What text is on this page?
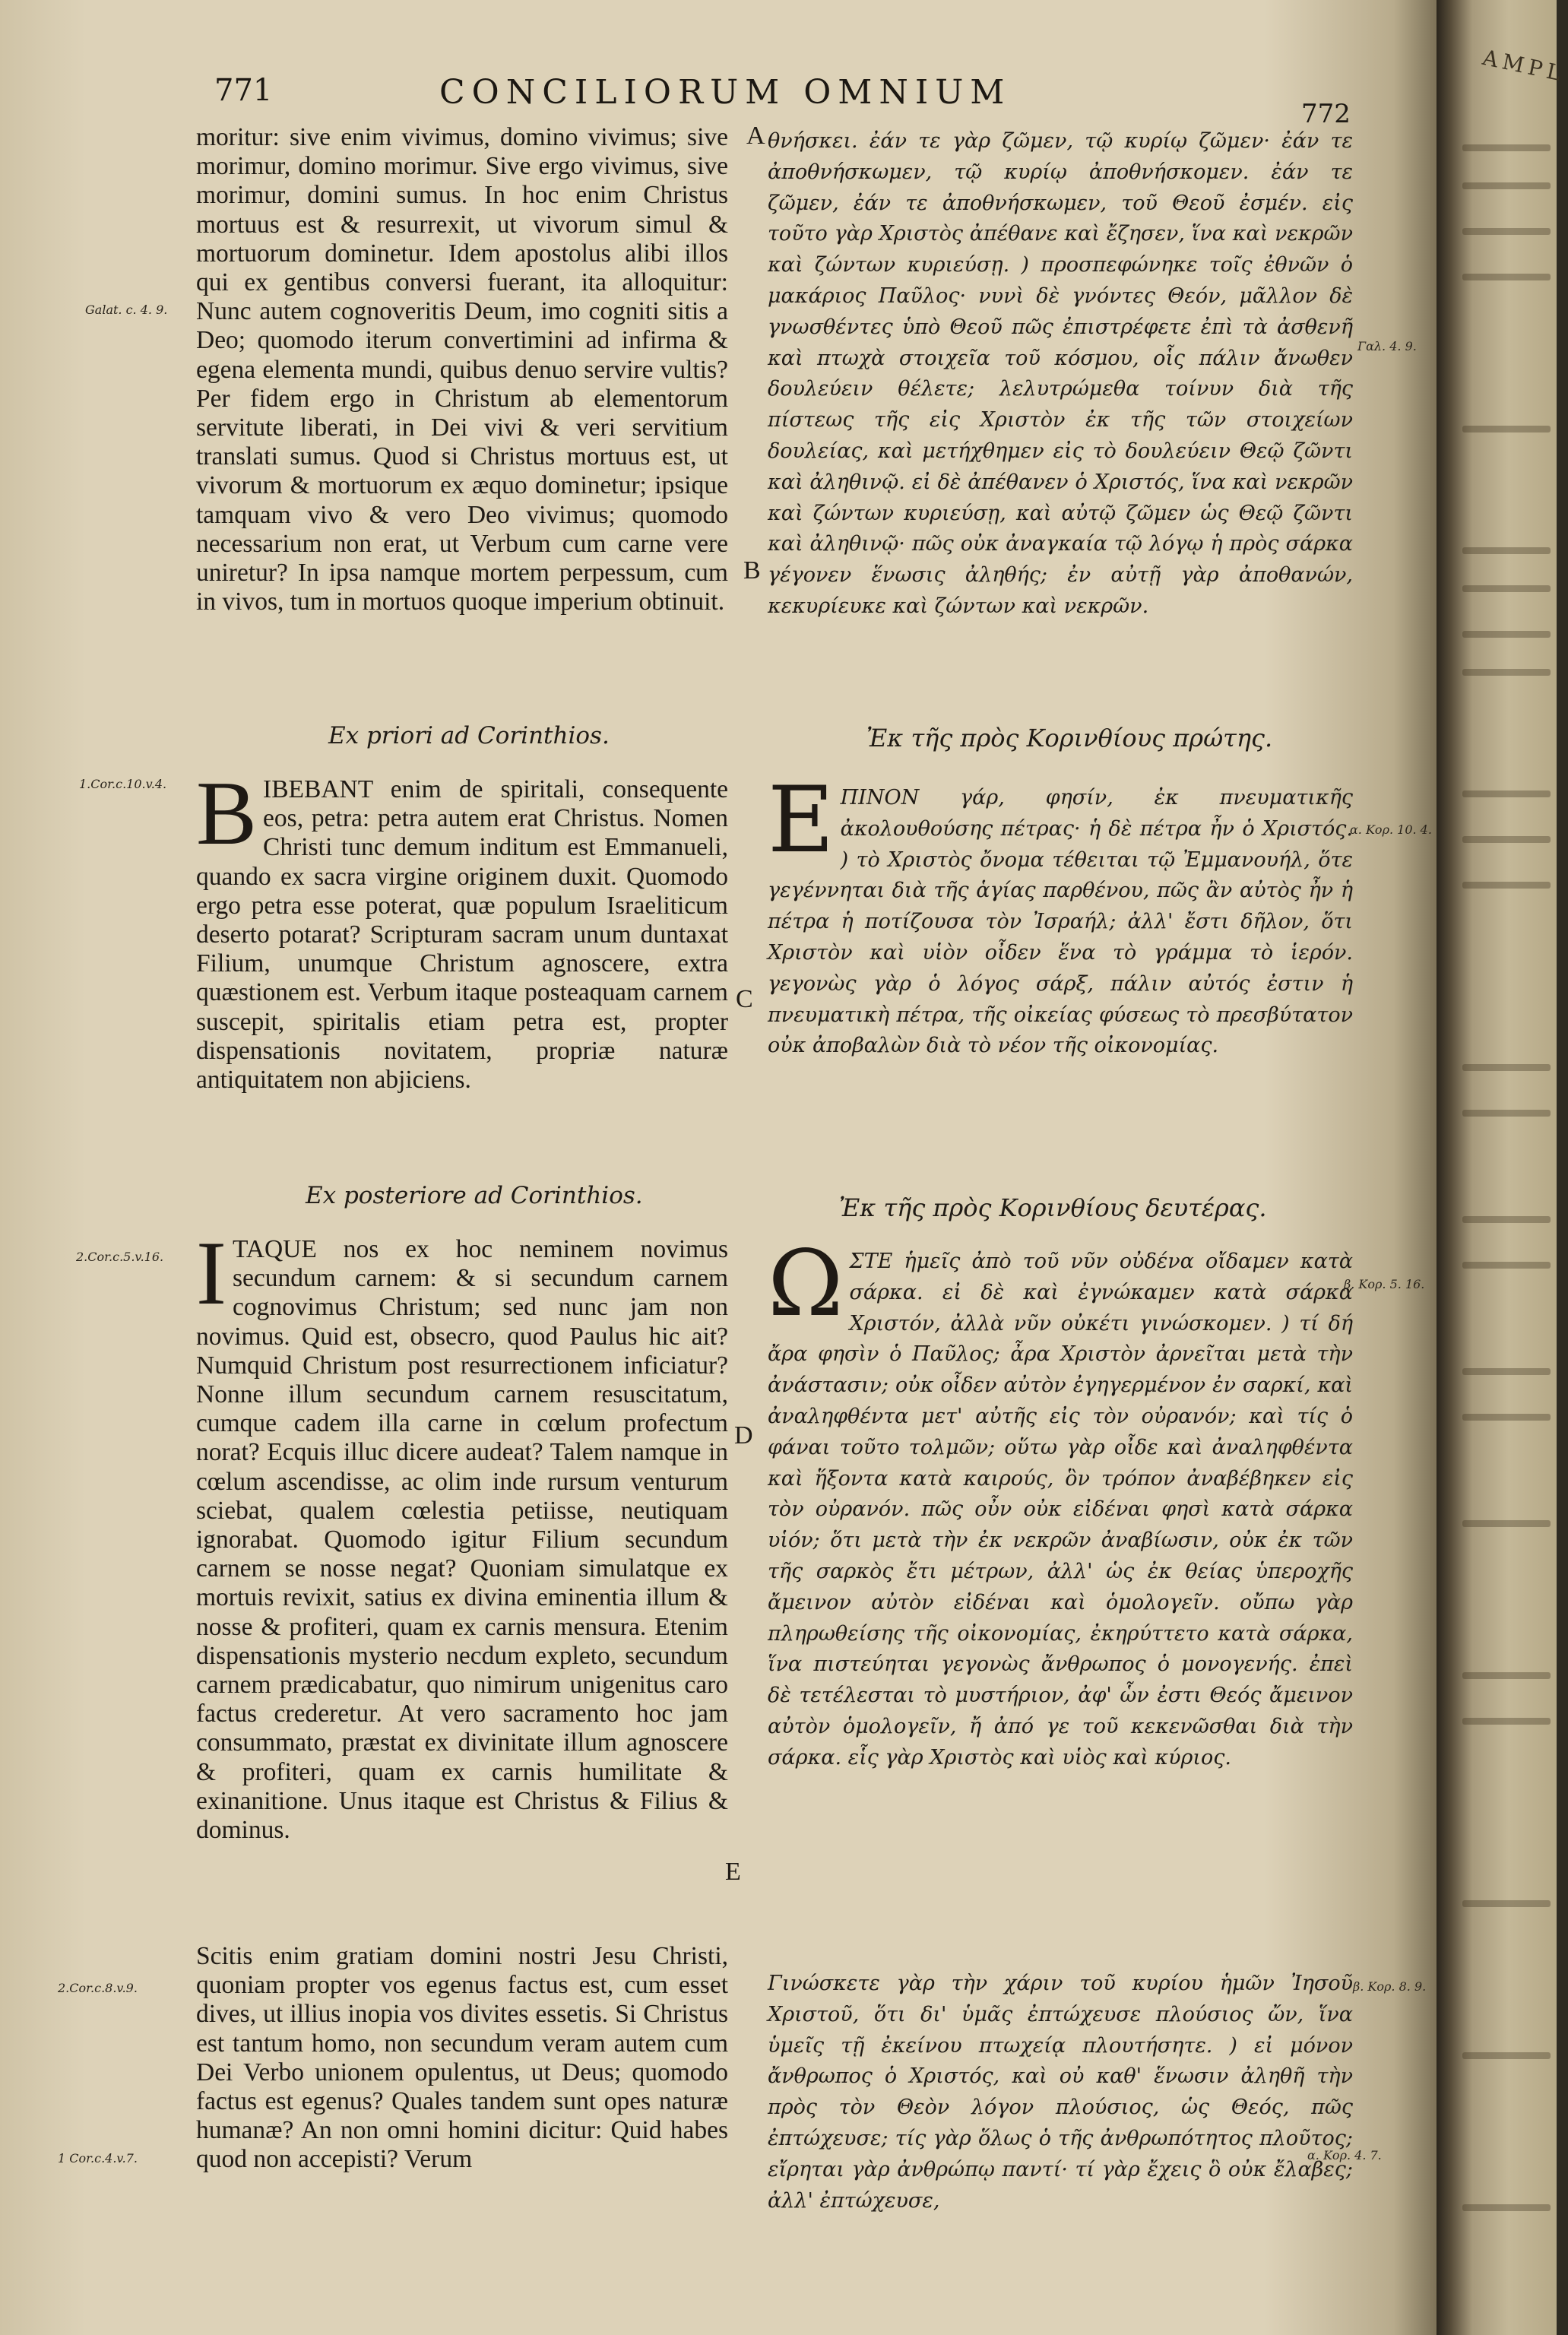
771	CONCILIORUM OMNIUM
772

moritur: sive enim vivimus, domino vivimus; sive morimur, domino morimur. Sive ergo vivimus, sive morimur, domini sumus. In hoc enim Christus mortuus est & resurrexit, ut vivorum simul & mortuorum dominetur. Idem apostolus alibi illos qui ex gentibus conversi fuerant, ita alloquitur: Nunc autem cognoveritis Deum, imo cogniti sitis a Deo; quomodo iterum convertimini ad infirma & egena elementa mundi, quibus denuo servire vultis? Per fidem ergo in Christum ab elementorum servitute liberati, in Dei vivi & veri servitium translati sumus. Quod si Christus mortuus est, ut vivorum & mortuorum ex æquo dominetur; ipsique tamquam vivo & vero Deo vivimus; quomodo necessarium non erat, ut Verbum cum carne vere uniretur? In ipsa namque mortem perpessum, cum in vivos, tum in mortuos quoque imperium obtinuit.

θνήσκει. ἐάν τε γὰρ ζῶμεν, τῷ κυρίῳ ζῶμεν· ἐάν τε ἀποθνήσκωμεν, τῷ κυρίῳ ἀποθνήσκομεν. ἐάν τε ζῶμεν, ἐάν τε ἀποθνήσκωμεν, τοῦ Θεοῦ ἐσμέν. εἰς τοῦτο γὰρ Χριστὸς ἀπέθανε καὶ ἔζησεν, ἵνα καὶ νεκρῶν καὶ ζώντων κυριεύσῃ. ) προσπεφώνηκε τοῖς ἐθνῶν ὁ μακάριος Παῦλος· νυνὶ δὲ γνόντες Θεόν, μᾶλλον δὲ γνωσθέντες ὑπὸ Θεοῦ πῶς ἐπιστρέφετε ἐπὶ τὰ ἀσθενῆ καὶ πτωχὰ στοιχεῖα τοῦ κόσμου, οἷς πάλιν ἄνωθεν δουλεύειν θέλετε; λελυτρώμεθα τοίνυν διὰ τῆς πίστεως τῆς εἰς Χριστὸν ἐκ τῆς τῶν στοιχείων δουλείας, καὶ μετήχθημεν εἰς τὸ δουλεύειν Θεῷ ζῶντι καὶ ἀληθινῷ. εἰ δὲ ἀπέθανεν ὁ Χριστός, ἵνα καὶ νεκρῶν καὶ ζώντων κυριεύσῃ, καὶ αὐτῷ ζῶμεν ὡς Θεῷ ζῶντι καὶ ἀληθινῷ· πῶς οὐκ ἀναγκαία τῷ λόγῳ ἡ πρὸς σάρκα γέγονεν ἕνωσις ἀληθής; ἐν αὐτῇ γὰρ ἀποθανών, κεκυρίευκε καὶ ζώντων καὶ νεκρῶν.

Ex priori ad Corinthios.	Ἐκ τῆς πρὸς Κορινθίους πρώτης.
B IBEBANT enim de spiritali, consequente eos, petra: petra autem erat Christus. Nomen Christi tunc demum inditum est Emmanueli, quando ex sacra virgine originem duxit. Quomodo ergo petra esse poterat, quæ populum Israeliticum deserto potarat? Scripturam sacram unum duntaxat Filium, unumque Christum agnoscere, extra quæstionem est. Verbum itaque posteaquam carnem suscepit, spiritalis etiam petra est, propter dispensationis novitatem, propriæ naturæ antiquitatem non abjiciens.

Ε ΠΙΝΟΝ γάρ, φησίν, ἐκ πνευματικῆς ἀκολουθούσης πέτρας· ἡ δὲ πέτρα ἦν ὁ Χριστός. ) τὸ Χριστὸς ὄνομα τέθειται τῷ Ἐμμανουήλ, ὅτε γεγέννηται διὰ τῆς ἁγίας παρθένου, πῶς ἂν αὐτὸς ἦν ἡ πέτρα ἡ ποτίζουσα τὸν Ἰσραήλ; ἀλλ' ἔστι δῆλον, ὅτι Χριστὸν καὶ υἱὸν οἶδεν ἕνα τὸ γράμμα τὸ ἱερόν. γεγονὼς γὰρ ὁ λόγος σάρξ, πάλιν αὐτός ἐστιν ἡ πνευματικὴ πέτρα, τῆς οἰκείας φύσεως τὸ πρεσβύτατον οὐκ ἀποβαλὼν διὰ τὸ νέον τῆς οἰκονομίας.

Ex posteriore ad Corinthios.	Ἐκ τῆς πρὸς Κορινθίους δευτέρας.
I TAQUE nos ex hoc neminem novimus secundum carnem: & si secundum carnem cognovimus Christum; sed nunc jam non novimus. Quid est, obsecro, quod Paulus hic ait? Numquid Christum post resurrectionem inficiatur? Nonne illum secundum carnem resuscitatum, cumque cadem illa carne in cœlum profectum norat? Ecquis illuc dicere audeat? Talem namque in cœlum ascendisse, ac olim inde rursum venturum sciebat, qualem cœlestia petiisse, neutiquam ignorabat. Quomodo igitur Filium secundum carnem se nosse negat? Quoniam simulatque ex mortuis revixit, satius ex divina eminentia illum & nosse & profiteri, quam ex carnis mensura. Etenim dispensationis mysterio necdum expleto, secundum carnem prædicabatur, quo nimirum unigenitus caro factus crederetur. At vero sacramento hoc jam consummato, præstat ex divinitate illum agnoscere & profiteri, quam ex carnis humilitate & exinanitione. Unus itaque est Christus & Filius & dominus.

Scitis enim gratiam domini nostri Jesu Christi, quoniam propter vos egenus factus est, cum esset dives, ut illius inopia vos divites essetis. Si Christus est tantum homo, non secundum veram autem cum Dei Verbo unionem opulentus, ut Deus; quomodo factus est egenus? Quales tandem sunt opes naturæ humanæ? An non omni homini dicitur: Quid habes quod non accepisti? Verum

Ω ΣΤΕ ἡμεῖς ἀπὸ τοῦ νῦν οὐδένα οἴδαμεν κατὰ σάρκα. εἰ δὲ καὶ ἐγνώκαμεν κατὰ σάρκα Χριστόν, ἀλλὰ νῦν οὐκέτι γινώσκομεν. ) τί δή ἄρα φησὶν ὁ Παῦλος; ἆρα Χριστὸν ἀρνεῖται μετὰ τὴν ἀνάστασιν; οὐκ οἶδεν αὐτὸν ἐγηγερμένον ἐν σαρκί, καὶ ἀναληφθέντα μετ' αὐτῆς εἰς τὸν οὐρανόν; καὶ τίς ὁ φάναι τοῦτο τολμῶν; οὕτω γὰρ οἶδε καὶ ἀναληφθέντα καὶ ἥξοντα κατὰ καιρούς, ὃν τρόπον ἀναβέβηκεν εἰς τὸν οὐρανόν. πῶς οὖν οὐκ εἰδέναι φησὶ κατὰ σάρκα υἱόν; ὅτι μετὰ τὴν ἐκ νεκρῶν ἀναβίωσιν, οὐκ ἐκ τῶν τῆς σαρκὸς ἔτι μέτρων, ἀλλ' ὡς ἐκ θείας ὑπεροχῆς ἄμεινον αὐτὸν εἰδέναι καὶ ὁμολογεῖν. οὔπω γὰρ πληρωθείσης τῆς οἰκονομίας, ἐκηρύττετο κατὰ σάρκα, ἵνα πιστεύηται γεγονὼς ἄνθρωπος ὁ μονογενής. ἐπεὶ δὲ τετέλεσται τὸ μυστήριον, ἀφ' ὧν ἐστι Θεός ἄμεινον αὐτὸν ὁμολογεῖν, ἤ ἀπό γε τοῦ κεκενῶσθαι διὰ τὴν σάρκα. εἷς γὰρ Χριστὸς καὶ υἱὸς καὶ κύριος.

Γινώσκετε γὰρ τὴν χάριν τοῦ κυρίου ἡμῶν Ἰησοῦ Χριστοῦ, ὅτι δι' ὑμᾶς ἐπτώχευσε πλούσιος ὤν, ἵνα ὑμεῖς τῇ ἐκείνου πτωχείᾳ πλουτήσητε. ) εἰ μόνον ἄνθρωπος ὁ Χριστός, καὶ οὐ καθ' ἕνωσιν ἀληθῆ τὴν πρὸς τὸν Θεὸν λόγον πλούσιος, ὡς Θεός, πῶς ἐπτώχευσε; τίς γὰρ ὅλως ὁ τῆς ἀνθρωπότητος πλοῦτος; εἴρηται γὰρ ἀνθρώπῳ παντί· τί γὰρ ἔχεις ὃ οὐκ ἔλαβες; ἀλλ' ἐπτώχευσε,

Galat. c. 4. 9.
Γαλ. 4. 9.
1.Cor.c.10.v.4.
α. Κορ. 10. 4.
2.Cor.c.5.v.16.
β. Κορ. 5. 16.
2.Cor.c.8.v.9.	β. Κορ. 8. 9.
1 Cor.c.4.v.7.	α. Κορ. 4. 7.
A
B
C
D
E
AMPL
